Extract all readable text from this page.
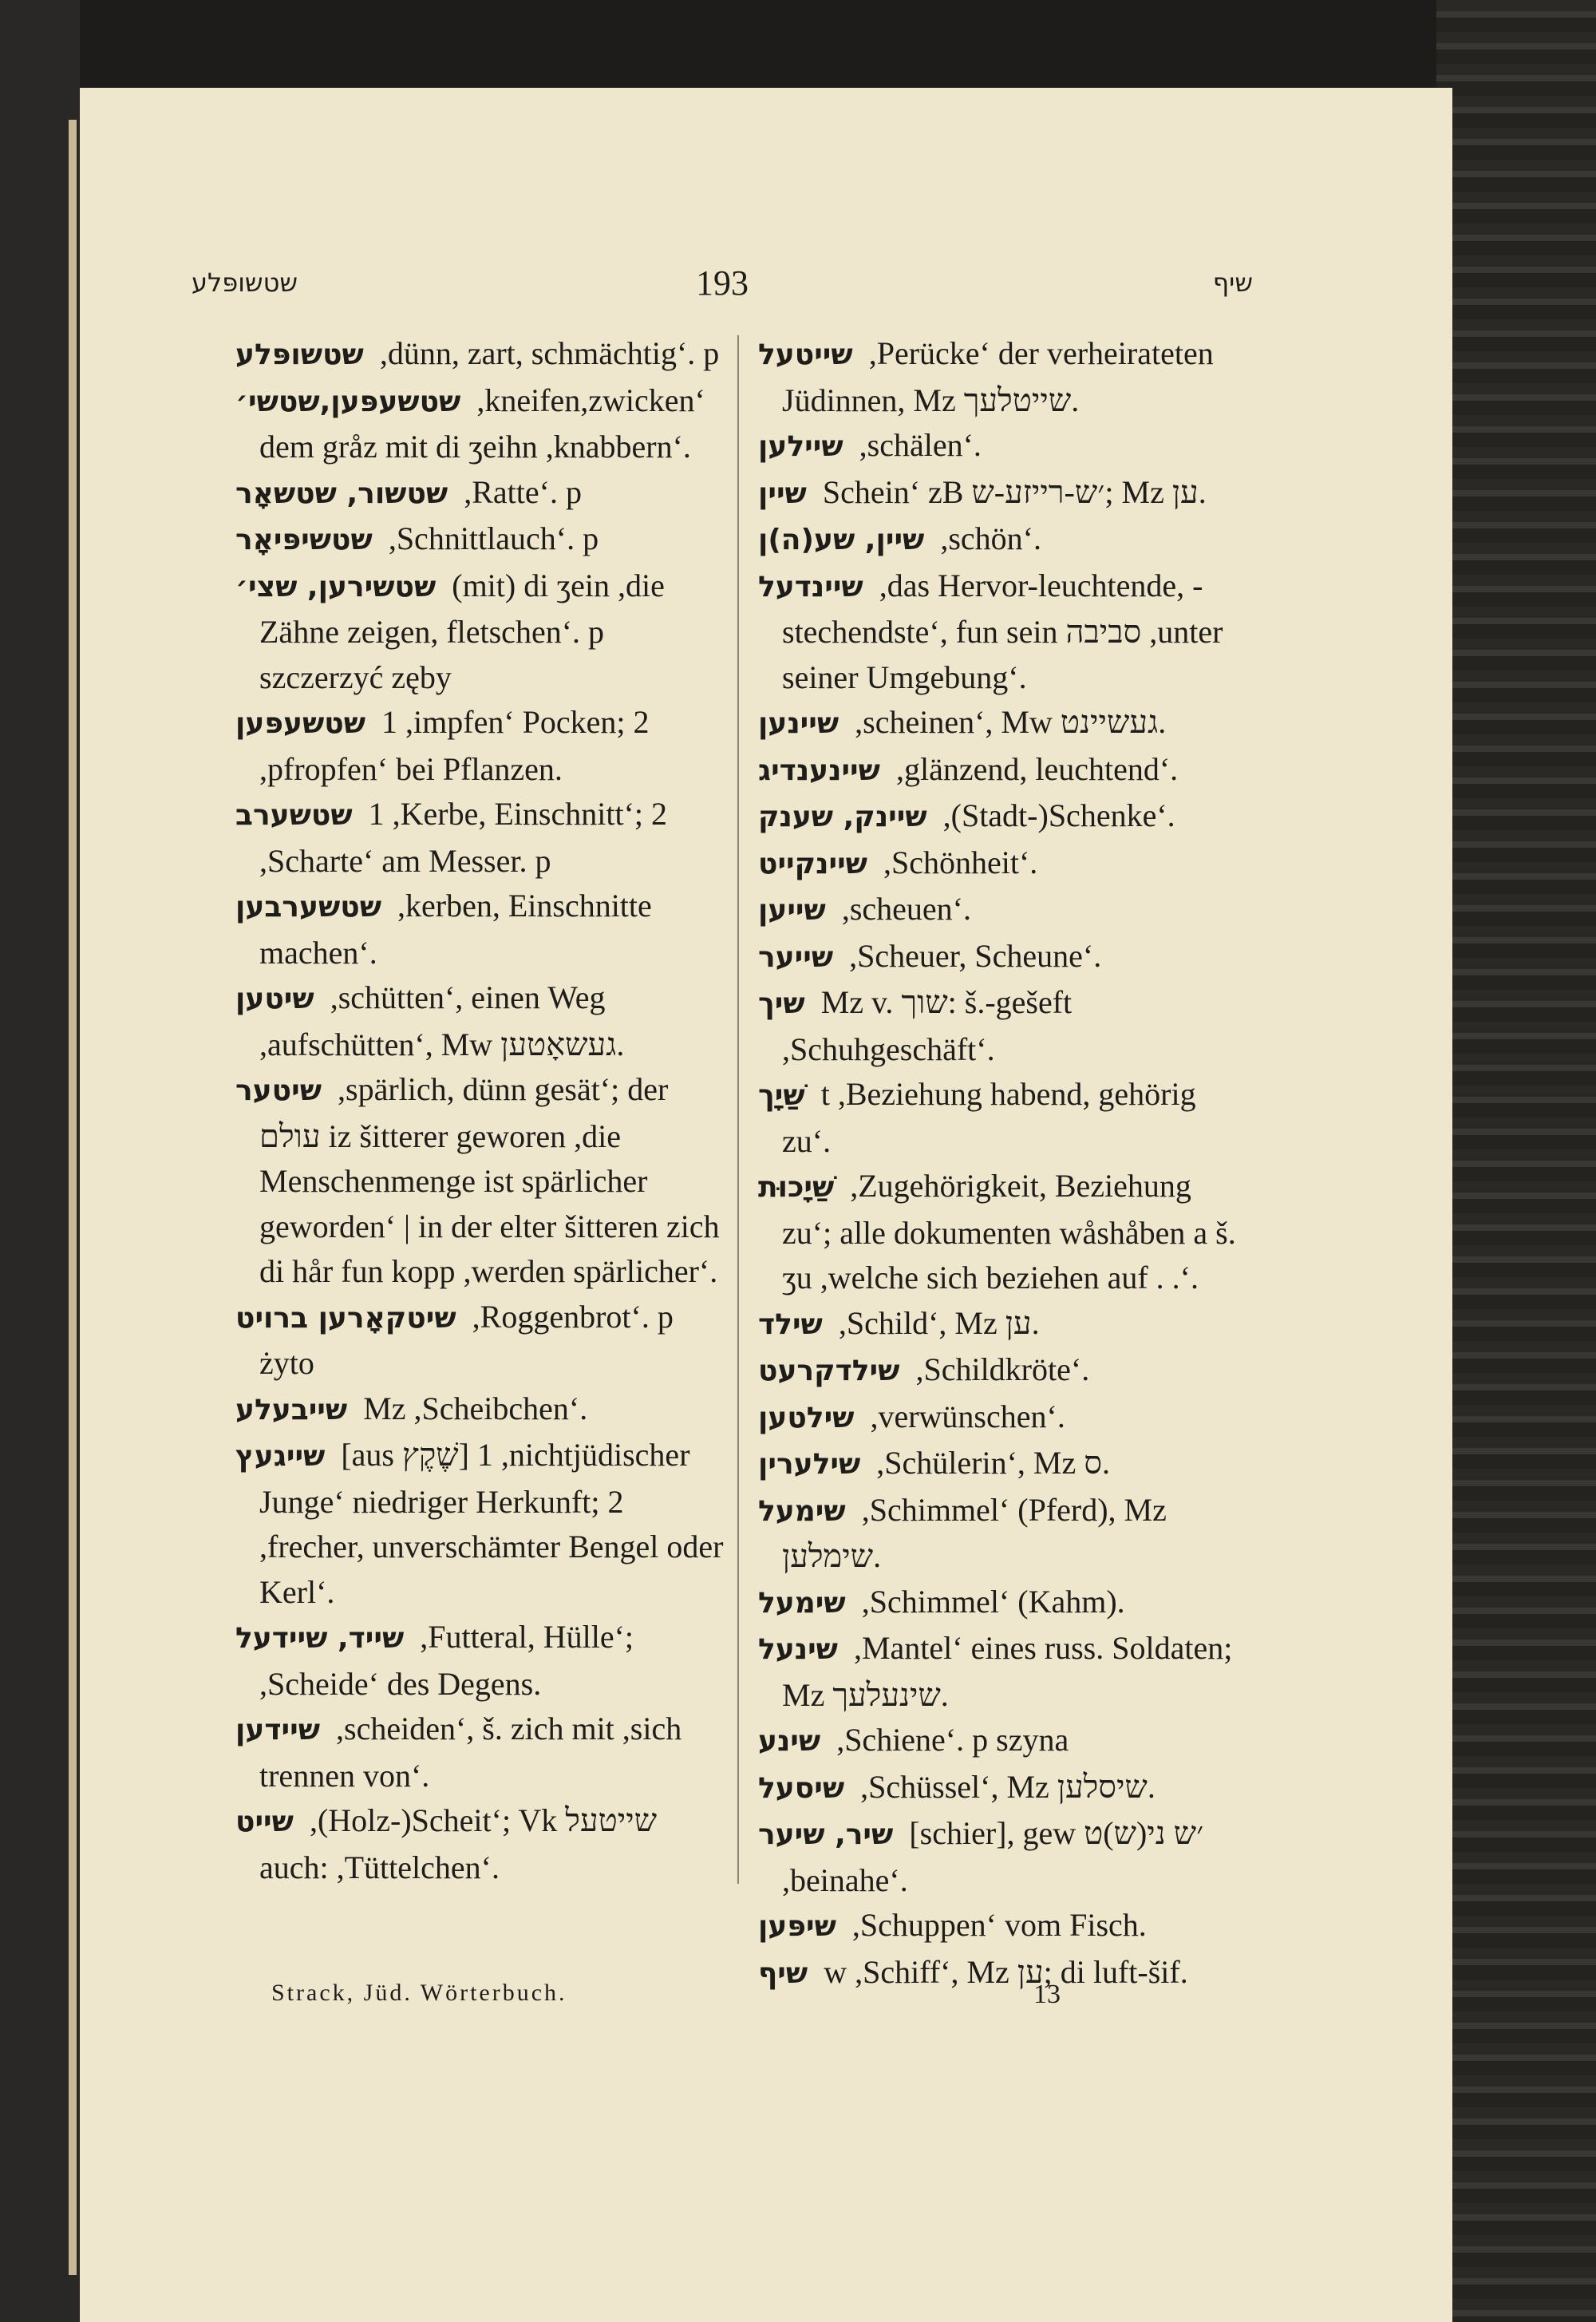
שטשופּלע	193	שיף
שטשופּלע ,dünn, zart, schmächtig‘. p
שטשעפּען,שטשי׳ ,kneifen,zwicken‘ dem gråz mit di ʒeihn ,knabbern‘.
שטשור, שטשאָר ,Ratte‘. p
שטשיפּיאָר ,Schnittlauch‘. p
שטשירען, שצי׳ (mit) di ʒein ,die Zähne zeigen, fletschen‘. p szczerzyć zęby
שטשעפּען 1 ,impfen‘ Pocken; 2 ,pfropfen‘ bei Pflanzen.
שטשערב 1 ,Kerbe, Einschnitt‘; 2 ,Scharte‘ am Messer. p
שטשערבען ,kerben, Einschnitte machen‘.
שיטען ,schütten‘, einen Weg ,aufschütten‘, Mw געשאָטען.
שיטער ,spärlich, dünn gesät‘; der עולם iz šitterer geworen ,die Menschenmenge ist spärlicher geworden‘ | in der elter šitteren zich di hår fun kopp ,werden spärlicher‘.
שיטקאָרען ברויט ,Roggenbrot‘. p żyto
שייבעלע Mz ,Scheibchen‘.
שייגעץ [aus שֶׁקֶץ] 1 ,nichtjüdischer Junge‘ niedriger Herkunft; 2 ,frecher, unverschämter Bengel oder Kerl‘.
שייד, שיידעל ,Futteral, Hülle‘; ,Scheide‘ des Degens.
שיידען ,scheiden‘, š. zich mit ,sich trennen von‘.
שייט ,(Holz-)Scheit‘; Vk שייטעל auch: ,Tüttelchen‘.
שייטעל ,Perücke‘ der verheirateten Jüdinnen, Mz שייטלעך.
שיילען ,schälen‘.
שיין Schein‘ zB ׳ש-רייזע-ש; Mz ען.
שיין, שע(ה)ן ,schön‘.
שיינדעל ,das Hervor-leuchtende, -stechendste‘, fun sein סביבה ,unter seiner Umgebung‘.
שיינען ,scheinen‘, Mw געשיינט.
שיינענדיג ,glänzend, leuchtend‘.
שיינק, שענק ,(Stadt-)Schenke‘.
שיינקייט ,Schönheit‘.
שייען ,scheuen‘.
שייער ,Scheuer, Scheune‘.
שיך Mz v. שוך: š.-gešeft ,Schuhgeschäft‘.
שַׁיָך t ,Beziehung habend, gehörig zu‘.
שַׁיָכוּת ,Zugehörigkeit, Beziehung zu‘; alle dokumenten wåshåben a š. ʒu ,welche sich beziehen auf . .‘.
שילד ,Schild‘, Mz ען.
שילדקרעט ,Schildkröte‘.
שילטען ,verwünschen‘.
שילערין ,Schülerin‘, Mz ס.
שימעל ,Schimmel‘ (Pferd), Mz שימלען.
שימעל ,Schimmel‘ (Kahm).
שינעל ,Mantel‘ eines russ. Soldaten; Mz שינעלעך.
שינע ,Schiene‘. p szyna
שיסעל ,Schüssel‘, Mz שיסלען.
שיר, שיער [schier], gew ׳ש ני(ש)ט ,beinahe‘.
שיפּען ,Schuppen‘ vom Fisch.
שיף w ,Schiff‘, Mz ען; di luft-šif.
Strack, Jüd. Wörterbuch.	13
